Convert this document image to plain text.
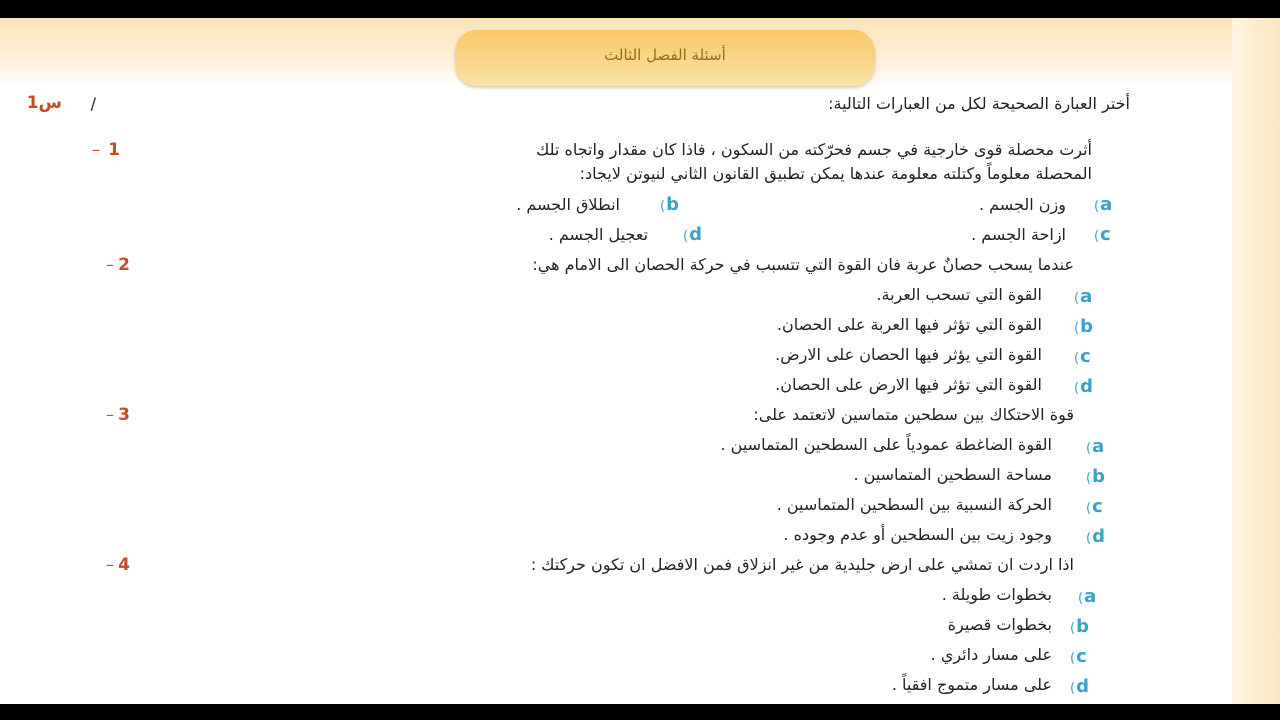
أسئلة الفصل الثالث
أختر العبارة الصحيحة لكل من العبارات التالية:
/
س1
1
–	أثرت محصلة قوى خارجية في جسم فحرّكته من السكون ، فاذا كان مقدار واتجاه تلك
المحصلة معلوماً وكتلته معلومة عندها يمكن تطبيق القانون الثاني لنيوتن لايجاد:
( a
وزن الجسم .
( b
انطلاق الجسم .
( c
ازاحة الجسم .
( d
تعجيل الجسم .
2
–	عندما يسحب حصانٌ عربة فان القوة التي تتسبب في حركة الحصان الى الامام هي:
( a
القوة التي تسحب العربة.
( b
القوة التي تؤثر فيها العربة على الحصان.
( c
القوة التي يؤثر فيها الحصان على الارض.
( d
القوة التي تؤثر فيها الارض على الحصان.
3
–	قوة الاحتكاك بين سطحين متماسين لاتعتمد على:
( a
القوة الضاغطة عمودياً على السطحين المتماسين .
( b
مساحة السطحين المتماسين .
( c
الحركة النسبية بين السطحين المتماسين .
( d
وجود زيت بين السطحين أو عدم وجوده .
4
–	اذا اردت ان تمشي على ارض جليدية من غير انزلاق فمن الافضل ان تكون حركتك :
( a
بخطوات طويلة .
( b
بخطوات قصيرة
( c
على مسار دائري .
( d
على مسار متموج افقياً .
